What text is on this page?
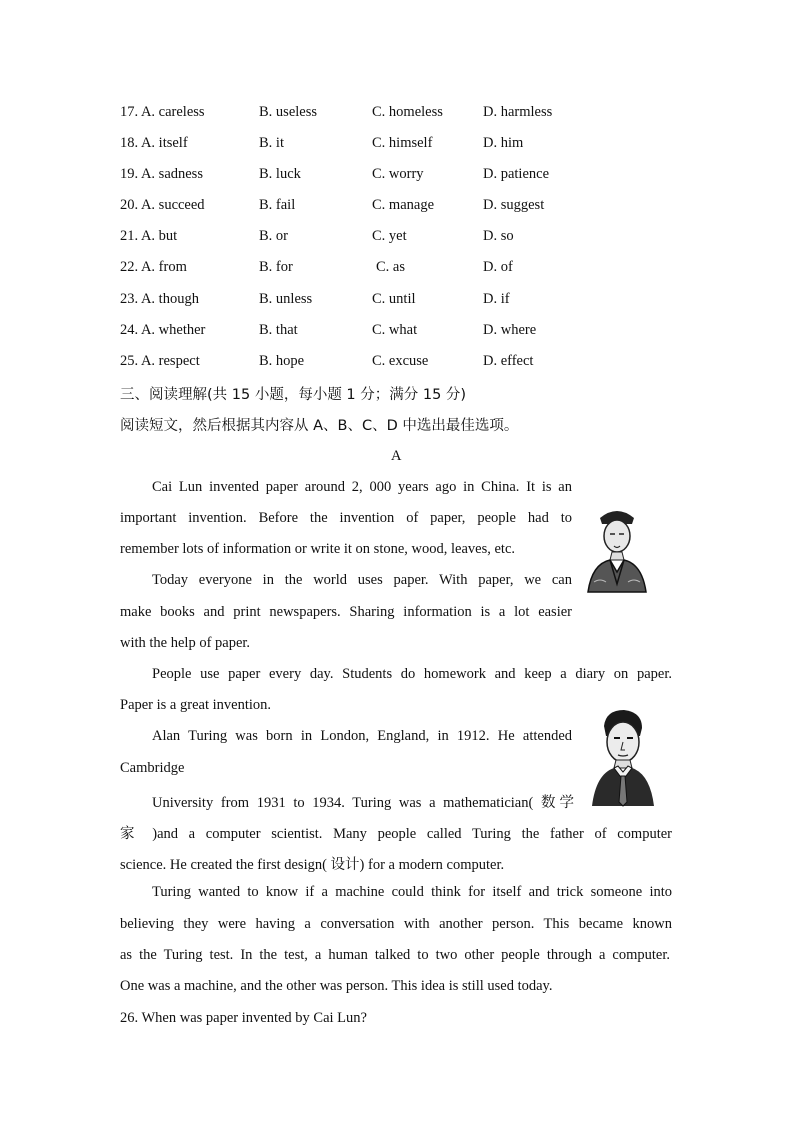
17. A. careless	B. useless	C. homeless	D. harmless
18. A. itself	B. it	C. himself	D. him
19. A. sadness	B. luck	C. worry	D. patience
20. A. succeed	B. fail	C. manage	D. suggest
21. A. but	B. or	C. yet	D. so
22. A. from	B. for	C. as	D. of
23. A. though	B. unless	C. until	D. if
24. A. whether	B. that	C. what	D. where
25. A. respect	B. hope	C. excuse	D. effect
三、阅读理解(共 15 小题，每小题 1 分；满分 15 分)
阅读短文，然后根据其内容从 A、B、C、D 中选出最佳选项。
A
Cai Lun invented paper around 2, 000 years ago in China. It is an
important invention. Before the invention of paper, people had to
remember lots of information or write it on stone, wood, leaves, etc.
Today everyone in the world uses paper. With paper, we can
make books and print newspapers. Sharing information is a lot easier
with the help of paper.
People use paper every day. Students do homework and keep a diary on paper.
Paper is a great invention.
Alan Turing was born in London, England, in 1912. He attended
Cambridge
University from 1931 to 1934. Turing was a mathematician( 数学
家 )and a computer scientist. Many people called Turing the father of computer
science. He created the first design( 设计) for a modern computer.
Turing wanted to know if a machine could think for itself and trick someone into
believing they were having a conversation with another person. This became known
as the Turing test. In the test, a human talked to two other people through a computer.
One was a machine, and the other was person. This idea is still used today.
26. When was paper invented by Cai Lun?
